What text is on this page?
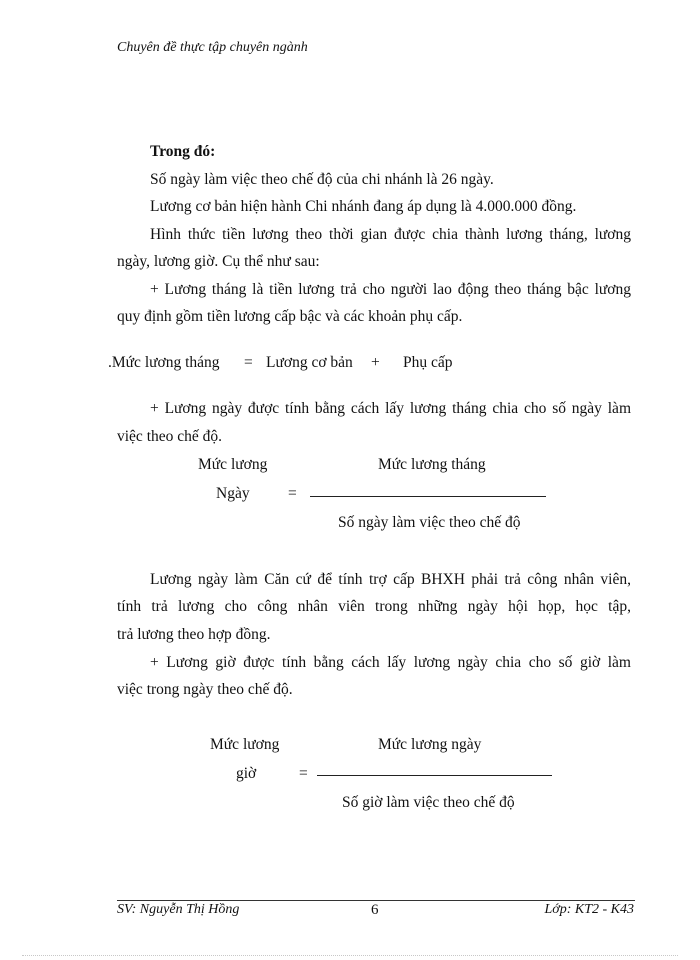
Chuyên đề thực tập chuyên ngành
Trong đó:
Số ngày làm việc theo chế độ của chi nhánh là 26 ngày.
Lương cơ bản hiện hành Chi nhánh đang áp dụng là 4.000.000 đồng.
Hình thức tiền lương theo thời gian được chia thành lương tháng, lương
ngày, lương giờ. Cụ thể như sau:
+ Lương tháng là tiền lương trả cho người lao động theo tháng bậc lương
quy định gồm tiền lương cấp bậc và các khoản phụ cấp.
.Mức lương tháng = Lương cơ bản + Phụ cấp
+ Lương ngày được tính bằng cách lấy lương tháng chia cho số ngày làm
việc theo chế độ.
Mức lương
Ngày =
Mức lương tháng
Số ngày làm việc theo chế độ
Lương ngày làm Căn cứ để tính trợ cấp BHXH phải trả công nhân viên,
tính trả lương cho công nhân viên trong những ngày hội họp, học tập,
trả lương theo hợp đồng.
+ Lương giờ được tính bằng cách lấy lương ngày chia cho số giờ làm
việc trong ngày theo chế độ.
Mức lương
giờ	=
Mức lương ngày
Số giờ làm việc theo chế độ
SV: Nguyễn Thị Hồng	6	Lớp: KT2 - K43
